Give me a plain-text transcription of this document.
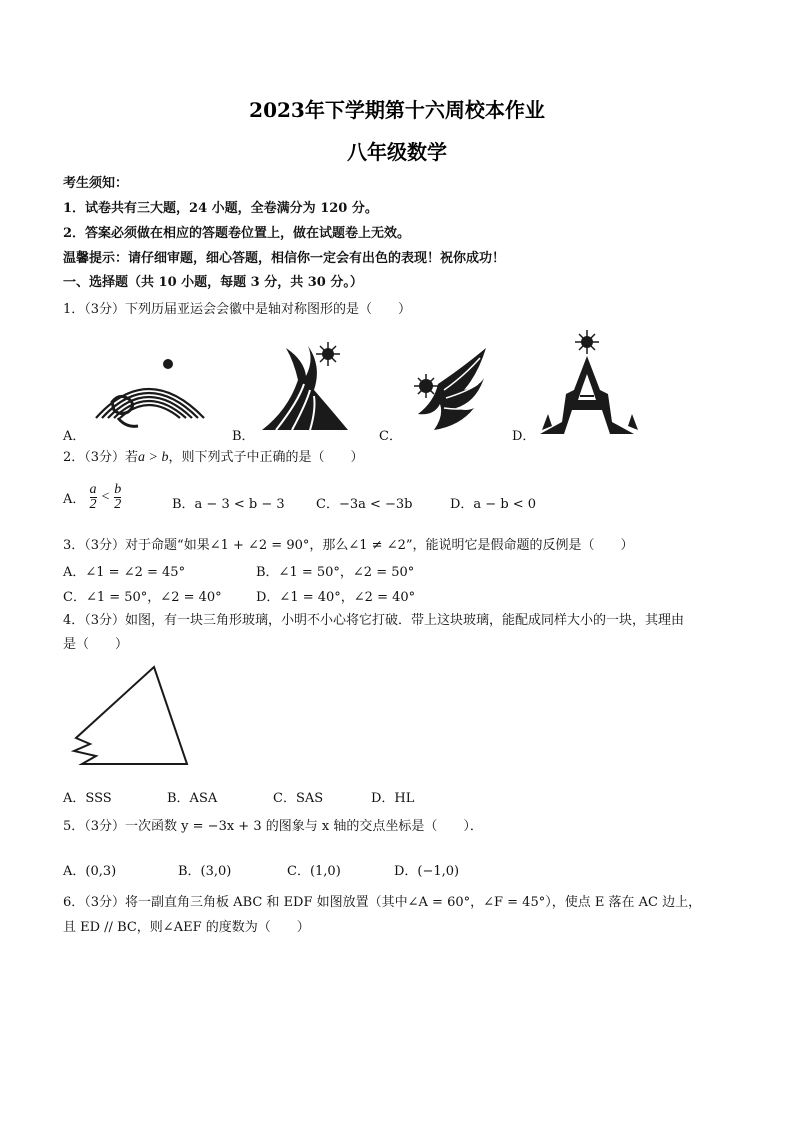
2023年下学期第十六周校本作业
八年级数学
考生须知：
1．试卷共有三大题，24 小题，全卷满分为 120 分。
2．答案必须做在相应的答题卷位置上，做在试题卷上无效。
温馨提示：请仔细审题，细心答题，相信你一定会有出色的表现！祝你成功！
一、选择题（共 10 小题，每题 3 分，共 30 分。）
1．（3分）下列历届亚运会会徽中是轴对称图形的是（　　）
A．	B．	C．	D．
2．（3分）若a > b，则下列式子中正确的是（　　）
A． $\frac{a}{2} < \frac{b}{2}$	B．a − 3 < b − 3 C．−3a < −3b	D．a − b < 0
3．（3分）对于命题“如果∠1 + ∠2 = 90°，那么∠1 ≠ ∠2”，能说明它是假命题的反例是（　　）
A．∠1 = ∠2 = 45°	B．∠1 = 50°，∠2 = 50°
C．∠1 = 50°，∠2 = 40°	D．∠1 = 40°，∠2 = 40°
4．（3分）如图，有一块三角形玻璃，小明不小心将它打破．带上这块玻璃，能配成同样大小的一块，其理由
是（　　）
A．SSS	B．ASA	C．SAS	D．HL
5．（3分）一次函数 y = −3x + 3 的图象与 x 轴的交点坐标是（　　）．
A．(0,3)	B．(3,0)	C．(1,0)	D．(−1,0)
6．（3分）将一副直角三角板 ABC 和 EDF 如图放置（其中∠A = 60°，∠F = 45°），使点 E 落在 AC 边上，
且 ED // BC，则∠AEF 的度数为（　　）
